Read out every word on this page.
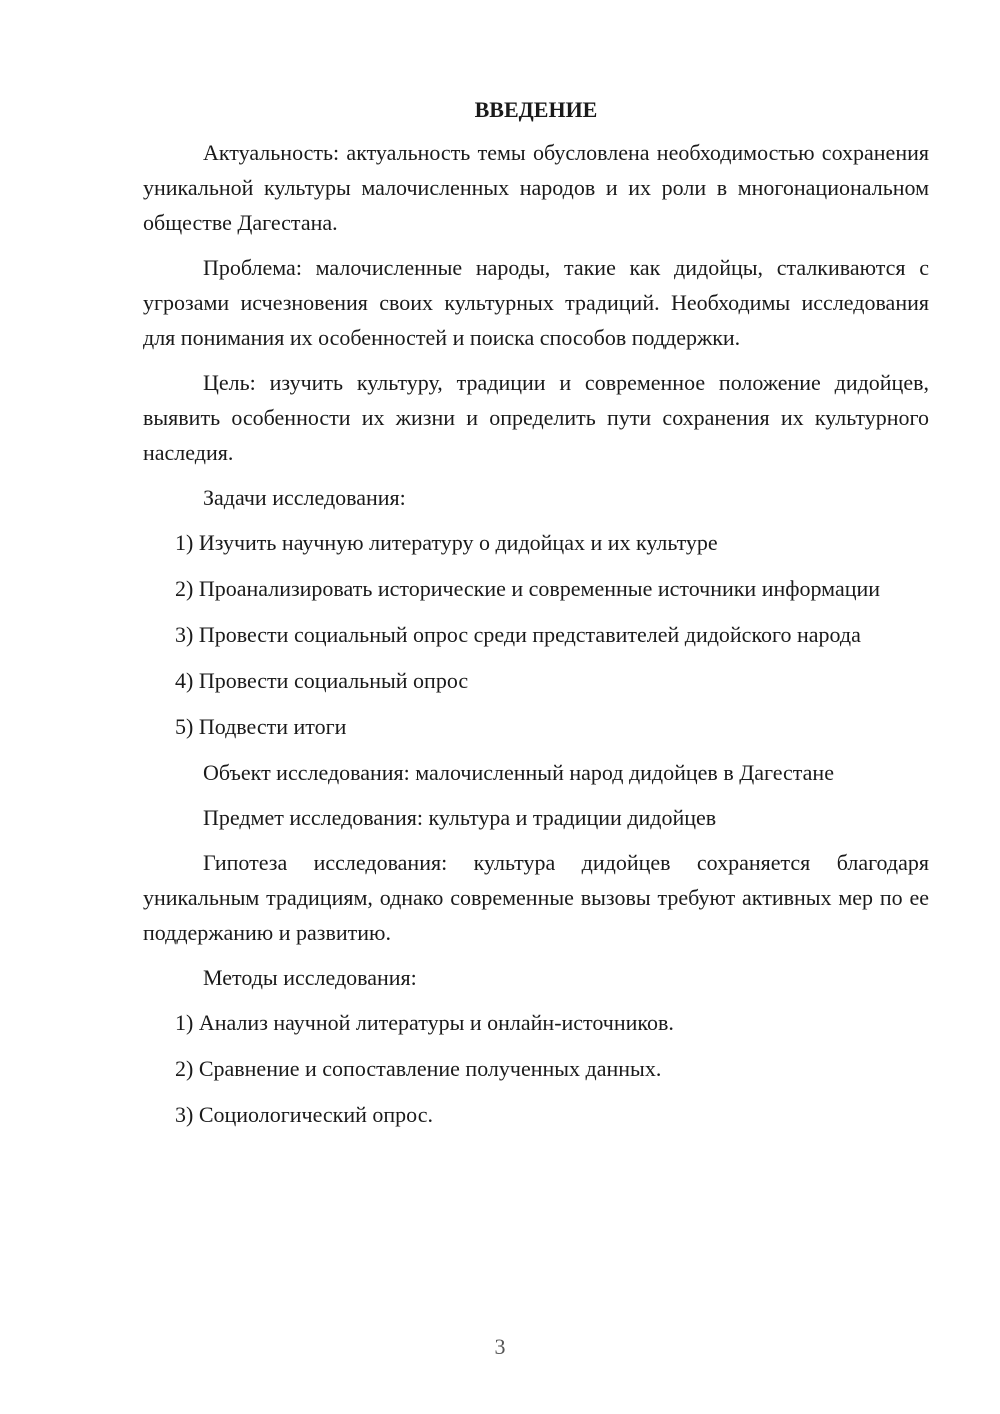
ВВЕДЕНИЕ
Актуальность: актуальность темы обусловлена необходимостью сохранения уникальной культуры малочисленных народов и их роли в многонациональном обществе Дагестана.
Проблема: малочисленные народы, такие как дидойцы, сталкиваются с угрозами исчезновения своих культурных традиций. Необходимы исследования для понимания их особенностей и поиска способов поддержки.
Цель: изучить культуру, традиции и современное положение дидойцев, выявить особенности их жизни и определить пути сохранения их культурного наследия.
Задачи исследования:
1) Изучить научную литературу о дидойцах и их культуре
2) Проанализировать исторические и современные источники информации
3) Провести социальный опрос среди представителей дидойского народа
4) Провести социальный опрос
5) Подвести итоги
Объект исследования: малочисленный народ дидойцев в Дагестане
Предмет исследования: культура и традиции дидойцев
Гипотеза исследования: культура дидойцев сохраняется благодаря уникальным традициям, однако современные вызовы требуют активных мер по ее поддержанию и развитию.
Методы исследования:
1) Анализ научной литературы и онлайн-источников.
2) Сравнение и сопоставление полученных данных.
3) Социологический опрос.
3
